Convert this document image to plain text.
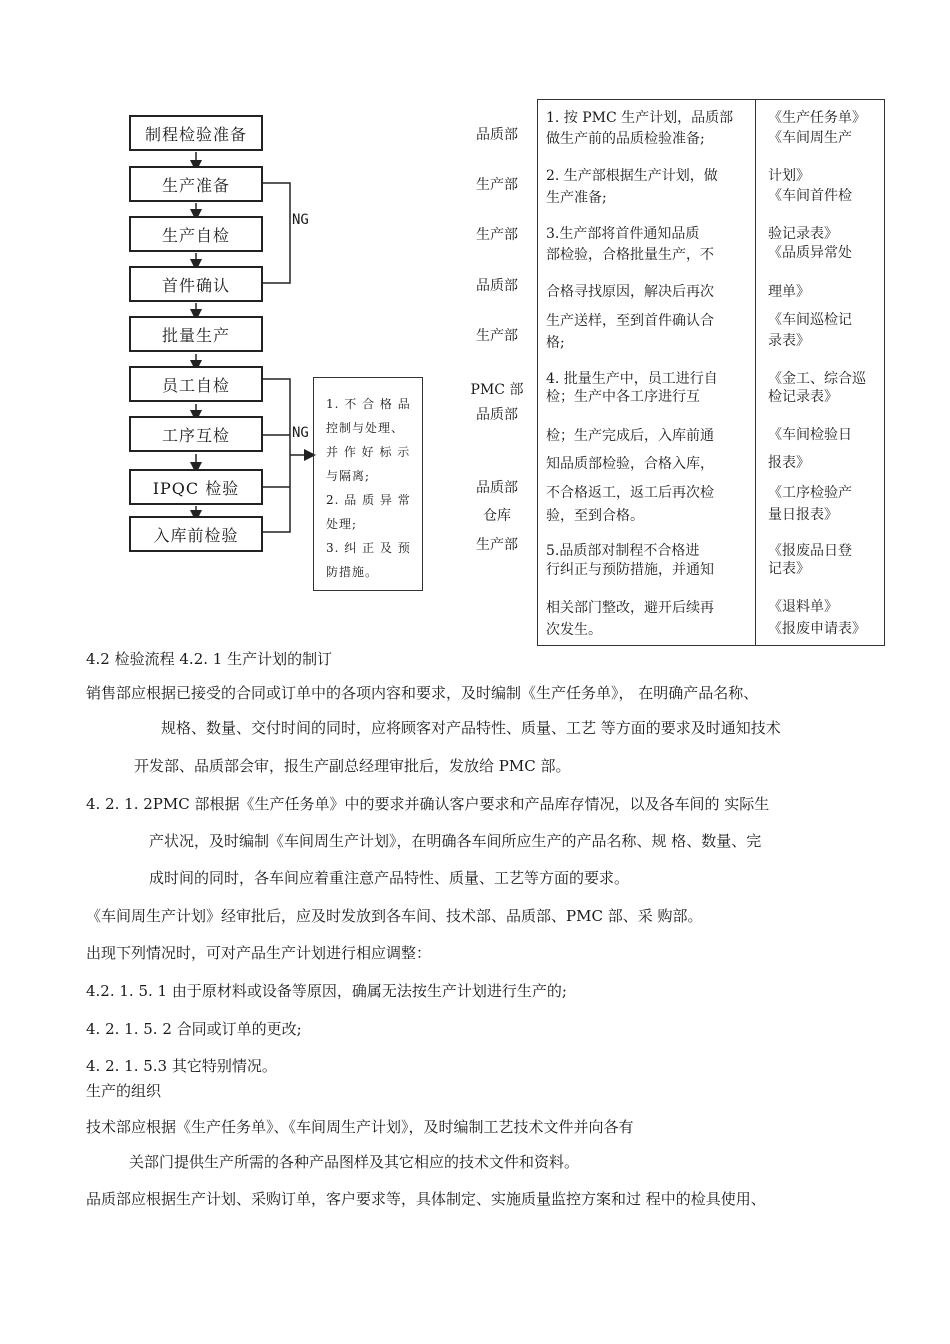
制程检验准备
生产准备
生产自检
首件确认
批量生产
员工自检
工序互检
IPQC 检验
入库前检验
NG
NG
1. 不 合 格 品
控制与处理、
并 作 好 标 示
与隔离;
2. 品 质 异 常
处理;
3. 纠 正 及 预
防措施。
品质部
生产部
生产部
品质部
生产部
PMC 部
品质部
品质部
仓库
生产部
1. 按 PMC 生产计划，品质部
做生产前的品质检验准备;
2. 生产部根据生产计划，做
生产准备;
3.生产部将首件通知品质
部检验，合格批量生产，不
合格寻找原因，解决后再次
生产送样，至到首件确认合
格;
4. 批量生产中，员工进行自
检；生产中各工序进行互
检；生产完成后，入库前通
知品质部检验，合格入库，
不合格返工，返工后再次检
验，至到合格。
5.品质部对制程不合格进
行纠正与预防措施，并通知
相关部门整改，避开后续再
次发生。
《生产任务单》
《车间周生产
计划》
《车间首件检
验记录表》
《品质异常处
理单》
《车间巡检记
录表》
《金工、综合巡
检记录表》
《车间检验日
报表》
《工序检验产
量日报表》
《报废品日登
记表》
《退料单》
《报废申请表》
4.2 检验流程 4.2. 1 生产计划的制订
销售部应根据已接受的合同或订单中的各项内容和要求，及时编制《生产任务单》， 在明确产品名称、
规格、数量、交付时间的同时，应将顾客对产品特性、质量、工艺 等方面的要求及时通知技术
开发部、品质部会审，报生产副总经理审批后，发放给 PMC 部。
4. 2. 1. 2PMC 部根据《生产任务单》中的要求并确认客户要求和产品库存情况，以及各车间的 实际生
产状况，及时编制《车间周生产计划》，在明确各车间所应生产的产品名称、规 格、数量、完
成时间的同时，各车间应着重注意产品特性、质量、工艺等方面的要求。
《车间周生产计划》经审批后，应及时发放到各车间、技术部、品质部、PMC 部、采 购部。
出现下列情况时，可对产品生产计划进行相应调整：
4.2. 1. 5. 1 由于原材料或设备等原因，确属无法按生产计划进行生产的;
4. 2. 1. 5. 2 合同或订单的更改;
4. 2. 1. 5.3 其它特别情况。
生产的组织
技术部应根据《生产任务单》、《车间周生产计划》，及时编制工艺技术文件并向各有
关部门提供生产所需的各种产品图样及其它相应的技术文件和资料。
品质部应根据生产计划、采购订单，客户要求等，具体制定、实施质量监控方案和过 程中的检具使用、
